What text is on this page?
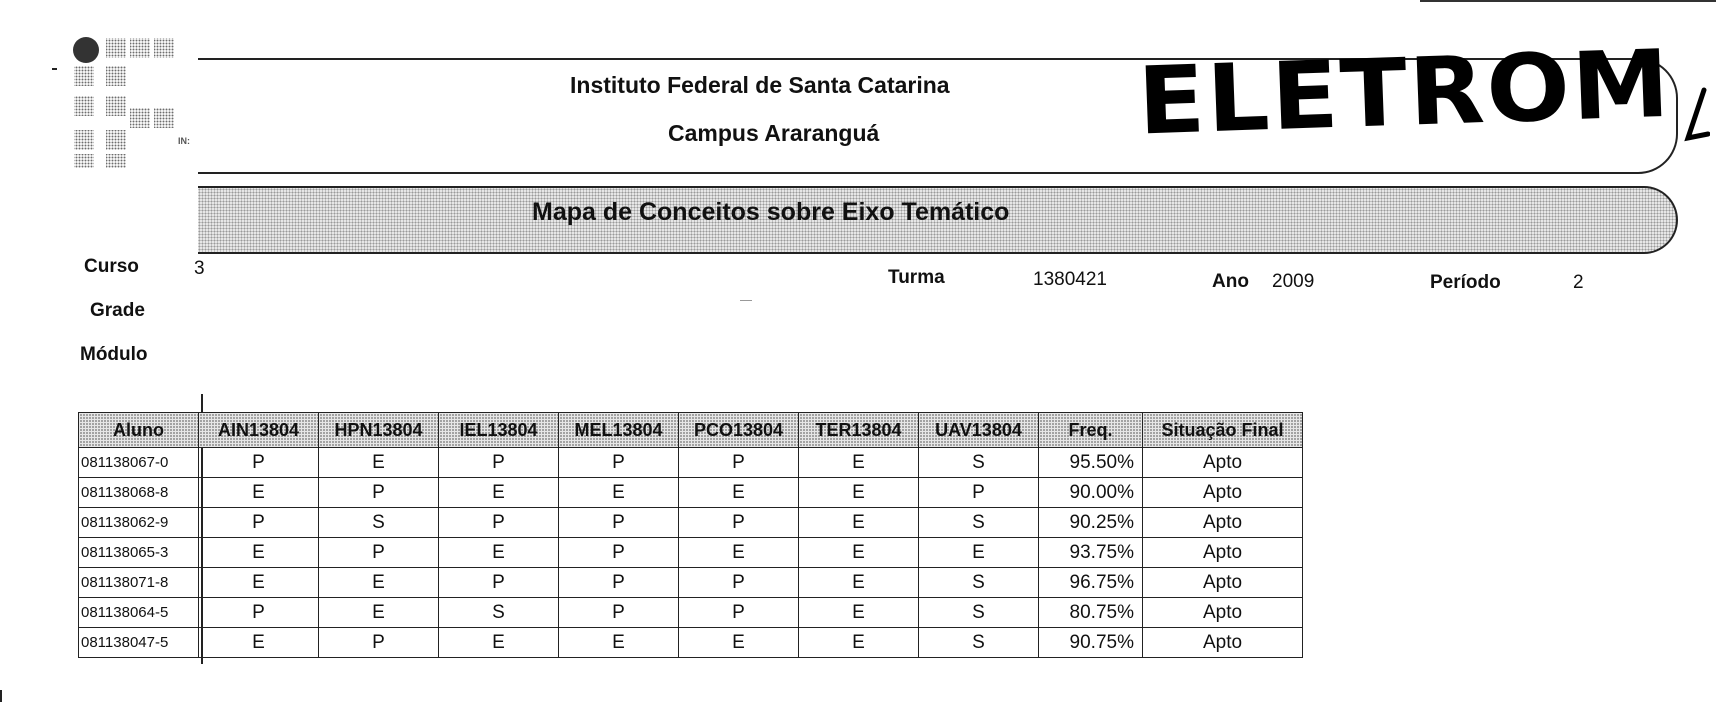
IN:
Instituto Federal de Santa Catarina
Campus Araranguá	ELETROM
Mapa de Conceitos sobre Eixo Temático
Curso	3
Grade
Módulo
Turma	1380421	Ano 2009	Período	2
Aluno	AIN13804	HPN13804	IEL13804	MEL13804	PCO13804	TER13804	UAV13804	Freq.	Situação Final
081138067-0	P	E	P	P	P	E	S	95.50%	Apto
081138068-8	E	P	E	E	E	E	P	90.00%	Apto
081138062-9	P	S	P	P	P	E	S	90.25%	Apto
081138065-3	E	P	E	P	E	E	E	93.75%	Apto
081138071-8	E	E	P	P	P	E	S	96.75%	Apto
081138064-5	P	E	S	P	P	E	S	80.75%	Apto
081138047-5	E	P	E	E	E	E	S	90.75%	Apto
